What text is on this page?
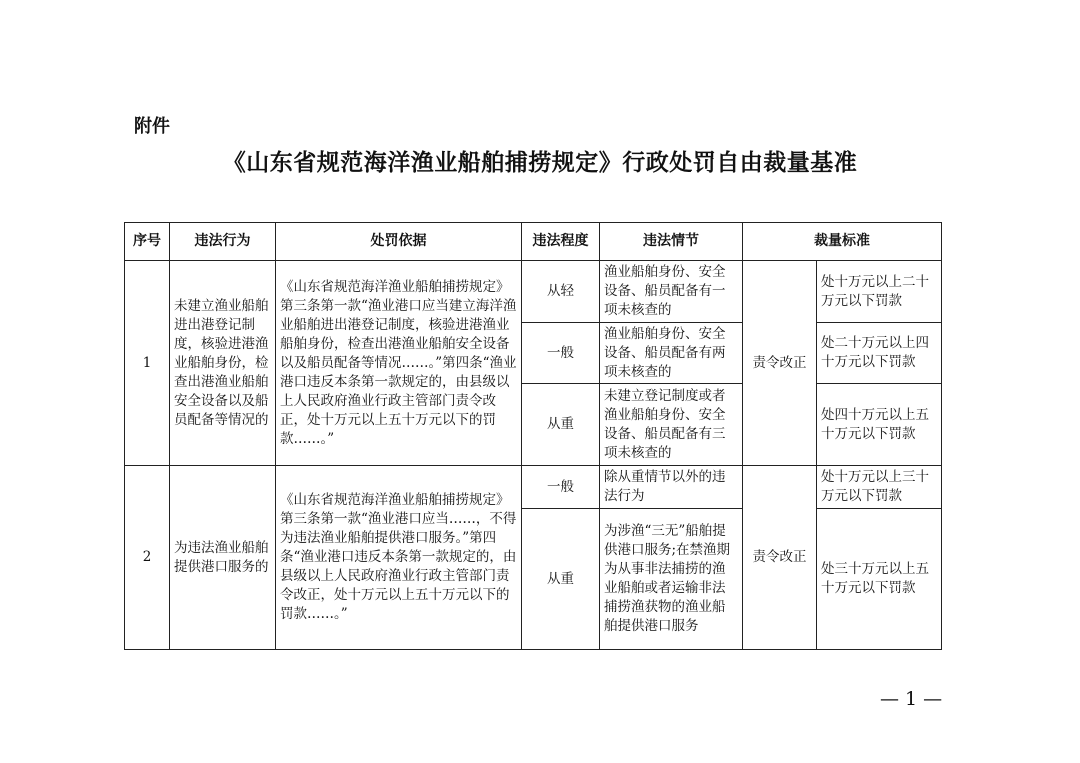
附件
《山东省规范海洋渔业船舶捕捞规定》行政处罚自由裁量基准
序号	违法行为	处罚依据	违法程度	违法情节	裁量标准	
1	未建立渔业船舶进出港登记制度，核验进港渔业船舶身份，检查出港渔业船舶安全设备以及船员配备等情况的	《山东省规范海洋渔业船舶捕捞规定》第三条第一款“渔业港口应当建立海洋渔业船舶进出港登记制度，核验进港渔业船舶身份，检查出港渔业船舶安全设备以及船员配备等情况……。”第四条“渔业港口违反本条第一款规定的，由县级以上人民政府渔业行政主管部门责令改正，处十万元以上五十万元以下的罚款……。”	从轻	渔业船舶身份、安全设备、船员配备有一项未核查的	责令改正	处十万元以上二十万元以下罚款
			一般	渔业船舶身份、安全设备、船员配备有两项未核查的		处二十万元以上四十万元以下罚款
			从重	未建立登记制度或者渔业船舶身份、安全设备、船员配备有三项未核查的		处四十万元以上五十万元以下罚款
2	为违法渔业船舶提供港口服务的	《山东省规范海洋渔业船舶捕捞规定》第三条第一款“渔业港口应当……，不得为违法渔业船舶提供港口服务。”第四条“渔业港口违反本条第一款规定的，由县级以上人民政府渔业行政主管部门责令改正，处十万元以上五十万元以下的罚款……。”	一般	除从重情节以外的违法行为	责令改正	处十万元以上三十万元以下罚款
			从重	为涉渔“三无”船舶提供港口服务;在禁渔期为从事非法捕捞的渔业船舶或者运输非法捕捞渔获物的渔业船舶提供港口服务		处三十万元以上五十万元以下罚款
— 1 —
